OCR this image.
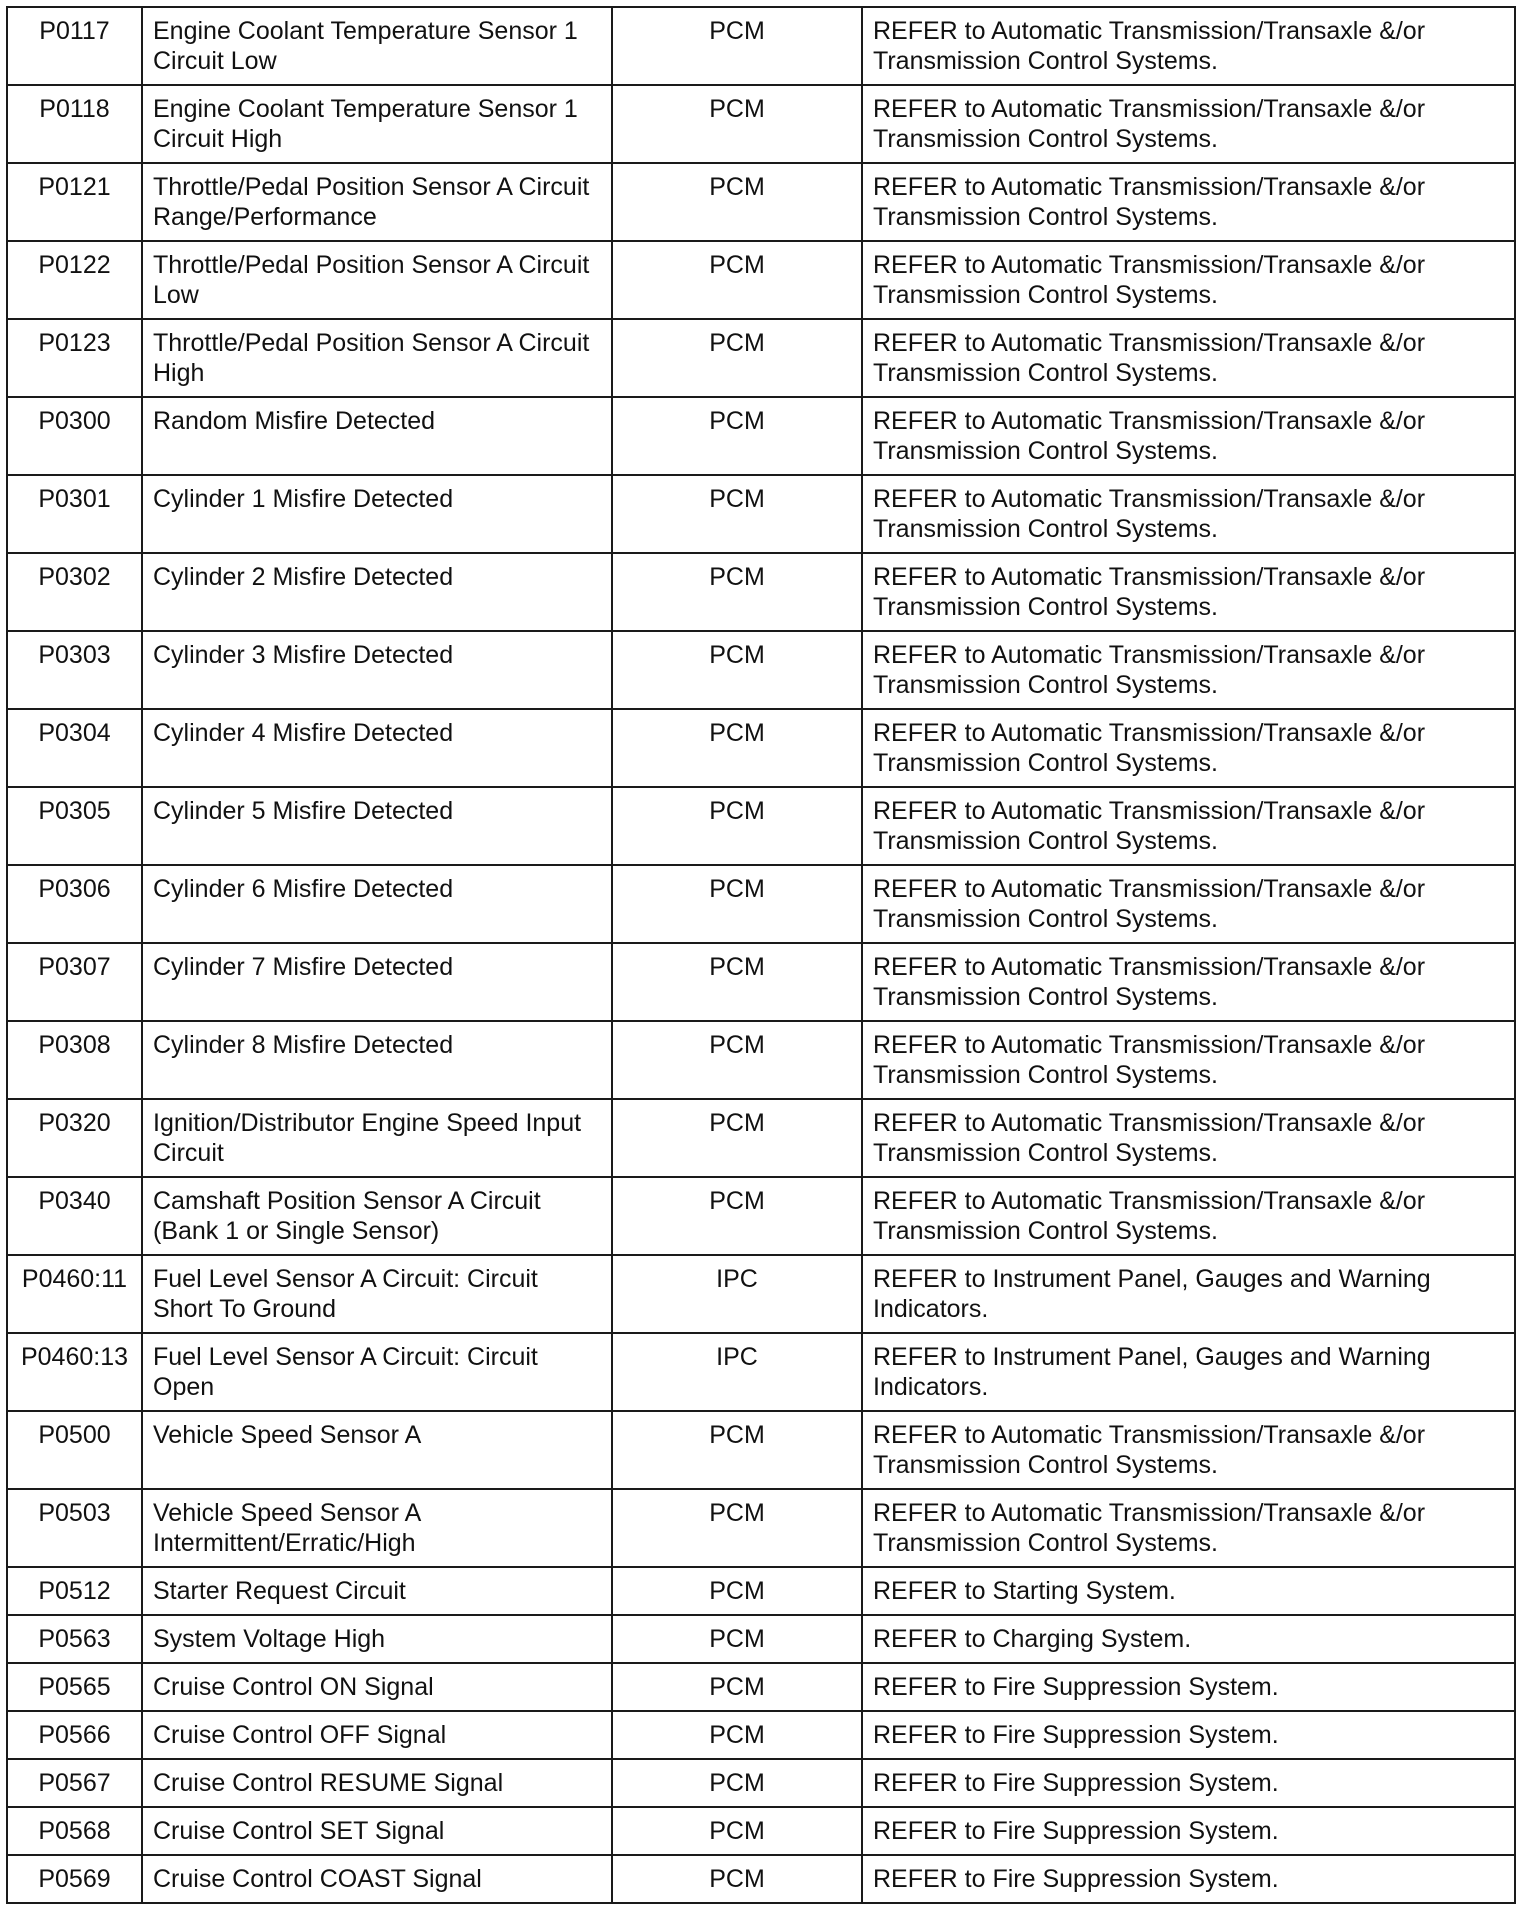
P0117	Engine Coolant Temperature Sensor 1 Circuit Low	PCM	REFER to Automatic Transmission/Transaxle &/or Transmission Control Systems.
P0118	Engine Coolant Temperature Sensor 1 Circuit High	PCM	REFER to Automatic Transmission/Transaxle &/or Transmission Control Systems.
P0121	Throttle/Pedal Position Sensor A Circuit Range/Performance	PCM	REFER to Automatic Transmission/Transaxle &/or Transmission Control Systems.
P0122	Throttle/Pedal Position Sensor A Circuit Low	PCM	REFER to Automatic Transmission/Transaxle &/or Transmission Control Systems.
P0123	Throttle/Pedal Position Sensor A Circuit High	PCM	REFER to Automatic Transmission/Transaxle &/or Transmission Control Systems.
P0300	Random Misfire Detected	PCM	REFER to Automatic Transmission/Transaxle &/or Transmission Control Systems.
P0301	Cylinder 1 Misfire Detected	PCM	REFER to Automatic Transmission/Transaxle &/or Transmission Control Systems.
P0302	Cylinder 2 Misfire Detected	PCM	REFER to Automatic Transmission/Transaxle &/or Transmission Control Systems.
P0303	Cylinder 3 Misfire Detected	PCM	REFER to Automatic Transmission/Transaxle &/or Transmission Control Systems.
P0304	Cylinder 4 Misfire Detected	PCM	REFER to Automatic Transmission/Transaxle &/or Transmission Control Systems.
P0305	Cylinder 5 Misfire Detected	PCM	REFER to Automatic Transmission/Transaxle &/or Transmission Control Systems.
P0306	Cylinder 6 Misfire Detected	PCM	REFER to Automatic Transmission/Transaxle &/or Transmission Control Systems.
P0307	Cylinder 7 Misfire Detected	PCM	REFER to Automatic Transmission/Transaxle &/or Transmission Control Systems.
P0308	Cylinder 8 Misfire Detected	PCM	REFER to Automatic Transmission/Transaxle &/or Transmission Control Systems.
P0320	Ignition/Distributor Engine Speed Input Circuit	PCM	REFER to Automatic Transmission/Transaxle &/or Transmission Control Systems.
P0340	Camshaft Position Sensor A Circuit (Bank 1 or Single Sensor)	PCM	REFER to Automatic Transmission/Transaxle &/or Transmission Control Systems.
P0460:11	Fuel Level Sensor A Circuit: Circuit Short To Ground	IPC	REFER to Instrument Panel, Gauges and Warning Indicators.
P0460:13	Fuel Level Sensor A Circuit: Circuit Open	IPC	REFER to Instrument Panel, Gauges and Warning Indicators.
P0500	Vehicle Speed Sensor A	PCM	REFER to Automatic Transmission/Transaxle &/or Transmission Control Systems.
P0503	Vehicle Speed Sensor A Intermittent/Erratic/High	PCM	REFER to Automatic Transmission/Transaxle &/or Transmission Control Systems.
P0512	Starter Request Circuit	PCM	REFER to Starting System.
P0563	System Voltage High	PCM	REFER to Charging System.
P0565	Cruise Control ON Signal	PCM	REFER to Fire Suppression System.
P0566	Cruise Control OFF Signal	PCM	REFER to Fire Suppression System.
P0567	Cruise Control RESUME Signal	PCM	REFER to Fire Suppression System.
P0568	Cruise Control SET Signal	PCM	REFER to Fire Suppression System.
P0569	Cruise Control COAST Signal	PCM	REFER to Fire Suppression System.
